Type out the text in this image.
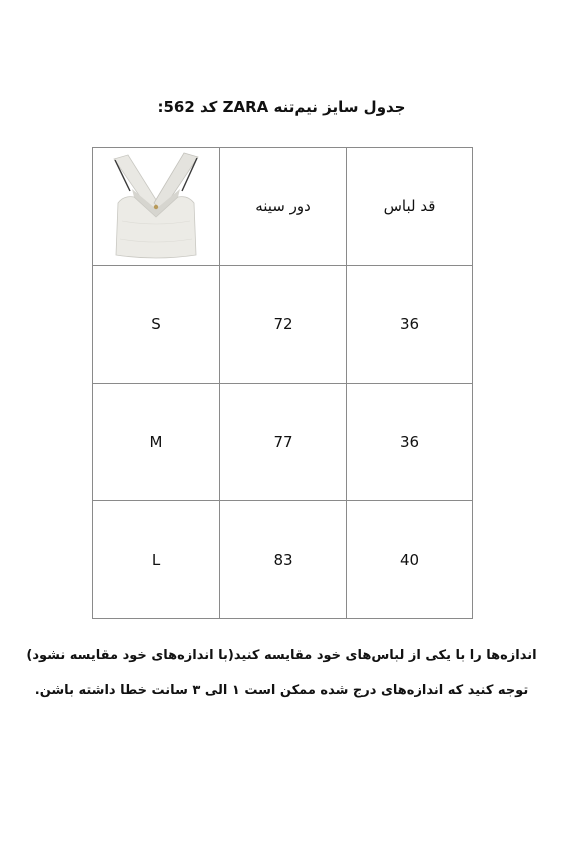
جدول سایز نیم‌تنه ZARA کد 562:
	دور سینه	قد لباس
S	72	36
M	77	36
L	83	40
اندازه‌ها را با یکی از لباس‌های خود مقایسه کنید(با اندازه‌های خود مقایسه نشود)
توجه کنید که اندازه‌های درج شده ممکن است ۱ الی ۳ سانت خطا داشته باشن.
